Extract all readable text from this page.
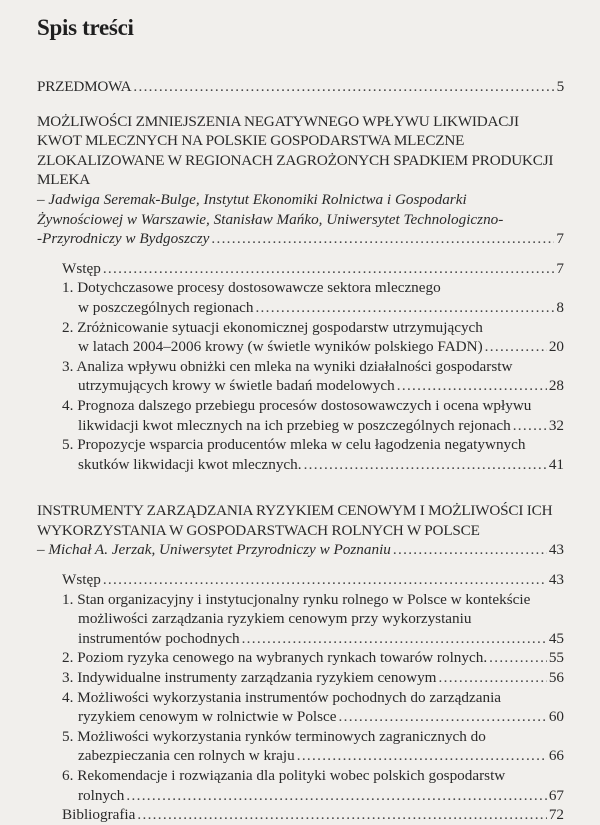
Spis treści
PRZEDMOWA . . .	5
MOŻLIWOŚCI ZMNIEJSZENIA NEGATYWNEGO WPŁYWU LIKWIDACJI
KWOT MLECZNYCH NA POLSKIE GOSPODARSTWA MLECZNE
ZLOKALIZOWANE W REGIONACH ZAGROŻONYCH SPADKIEM PRODUKCJI
MLEKA
– Jadwiga Seremak-Bulge, Instytut Ekonomiki Rolnictwa i Gospodarki
Żywnościowej w Warszawie, Stanisław Mańko, Uniwersytet Technologiczno-
-Przyrodniczy w Bydgoszczy . . .	7
Wstęp . . .	7
1. Dotychczasowe procesy dostosowawcze sektora mlecznego
w poszczególnych regionach . . .	8
2. Zróżnicowanie sytuacji ekonomicznej gospodarstw utrzymujących
w latach 2004–2006 krowy (w świetle wyników polskiego FADN) . . .	20
3. Analiza wpływu obniżki cen mleka na wyniki działalności gospodarstw
utrzymujących krowy w świetle badań modelowych . . .	28
4. Prognoza dalszego przebiegu procesów dostosowawczych i ocena wpływu
likwidacji kwot mlecznych na ich przebieg w poszczególnych rejonach . . .	32
5. Propozycje wsparcia producentów mleka w celu łagodzenia negatywnych
skutków likwidacji kwot mlecznych. . . .	41
INSTRUMENTY ZARZĄDZANIA RYZYKIEM CENOWYM I MOŻLIWOŚCI ICH
WYKORZYSTANIA W GOSPODARSTWACH ROLNYCH W POLSCE
– Michał A. Jerzak, Uniwersytet Przyrodniczy w Poznaniu . . .	43
Wstęp . . .	43
1. Stan organizacyjny i instytucjonalny rynku rolnego w Polsce w kontekście
możliwości zarządzania ryzykiem cenowym przy wykorzystaniu
instrumentów pochodnych . . .	45
2. Poziom ryzyka cenowego na wybranych rynkach towarów rolnych. . . .	55
3. Indywidualne instrumenty zarządzania ryzykiem cenowym . . .	56
4. Możliwości wykorzystania instrumentów pochodnych do zarządzania
ryzykiem cenowym w rolnictwie w Polsce . . .	60
5. Możliwości wykorzystania rynków terminowych zagranicznych do
zabezpieczania cen rolnych w kraju . . .	66
6. Rekomendacje i rozwiązania dla polityki wobec polskich gospodarstw
rolnych . . .	67
Bibliografia . . .	72
